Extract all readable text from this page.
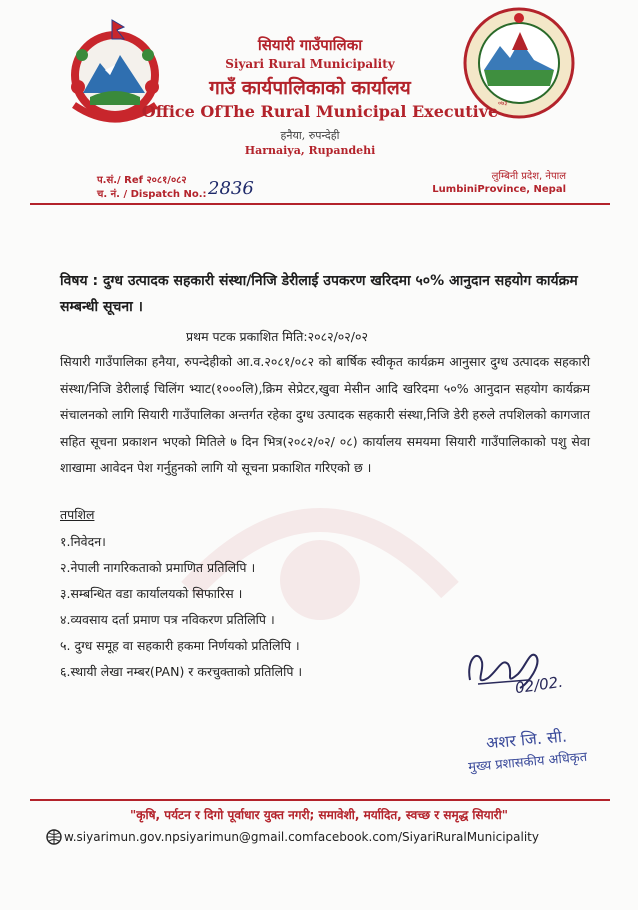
०७३
सियारी गाउँपालिका
Siyari Rural Municipality
गाउँ कार्यपालिकाको कार्यालय
Office OfThe Rural Municipal Executive
हनैया, रुपन्देही
Harnaiya, Rupandehi
प.सं./ Ref २०८१/०८२
च. नं. / Dispatch No.: 2836
लुम्बिनी प्रदेश, नेपाल
LumbiniProvince, Nepal
विषय : दुग्ध उत्पादक सहकारी संस्था/निजि डेरीलाई उपकरण खरिदमा ५०% आनुदान सहयोग कार्यक्रम सम्बन्धी सूचना ।
प्रथम पटक प्रकाशित मिति:२०८२/०२/०२
सियारी गाउँपालिका हनैया, रुपन्देहीको आ.व.२०८१/०८२ को बार्षिक स्वीकृत कार्यक्रम आनुसार दुग्ध उत्पादक सहकारी संस्था/निजि डेरीलाई चिलिंग भ्याट(१०००लि),क्रिम सेप्रेटर,खुवा मेसीन आदि खरिदमा ५०% आनुदान सहयोग कार्यक्रम संचालनको लागि सियारी गाउँपालिका अन्तर्गत रहेका दुग्ध उत्पादक सहकारी संस्था,निजि डेरी हरुले तपशिलको कागजात सहित सूचना प्रकाशन भएको मितिले ७ दिन भित्र(२०८२/०२/ ०८) कार्यालय समयमा सियारी गाउँपालिकाको पशु सेवा शाखामा आवेदन पेश गर्नुहुनको लागि यो सूचना प्रकाशित गरिएको छ ।
तपशिल
१.निवेदन।
२.नेपाली नागरिकताको प्रमाणित प्रतिलिपि ।
३.सम्बन्धित वडा कार्यालयको सिफारिस ।
४.व्यवसाय दर्ता प्रमाण पत्र नविकरण प्रतिलिपि ।
५. दुग्ध समूह वा सहकारी हकमा निर्णयको प्रतिलिपि ।
६.स्थायी लेखा नम्बर(PAN) र करचुक्ताको प्रतिलिपि ।
02/02.
अशर जि. सी.
मुख्य प्रशासकीय अधिकृत
"कृषि, पर्यटन र दिगो पूर्वाधार युक्त नगरी; समावेशी, मर्यादित, स्वच्छ र समृद्ध सियारी"
w.siyarimun.gov.npsiyarimun@gmail.comfacebook.com/SiyariRuralMunicipality
